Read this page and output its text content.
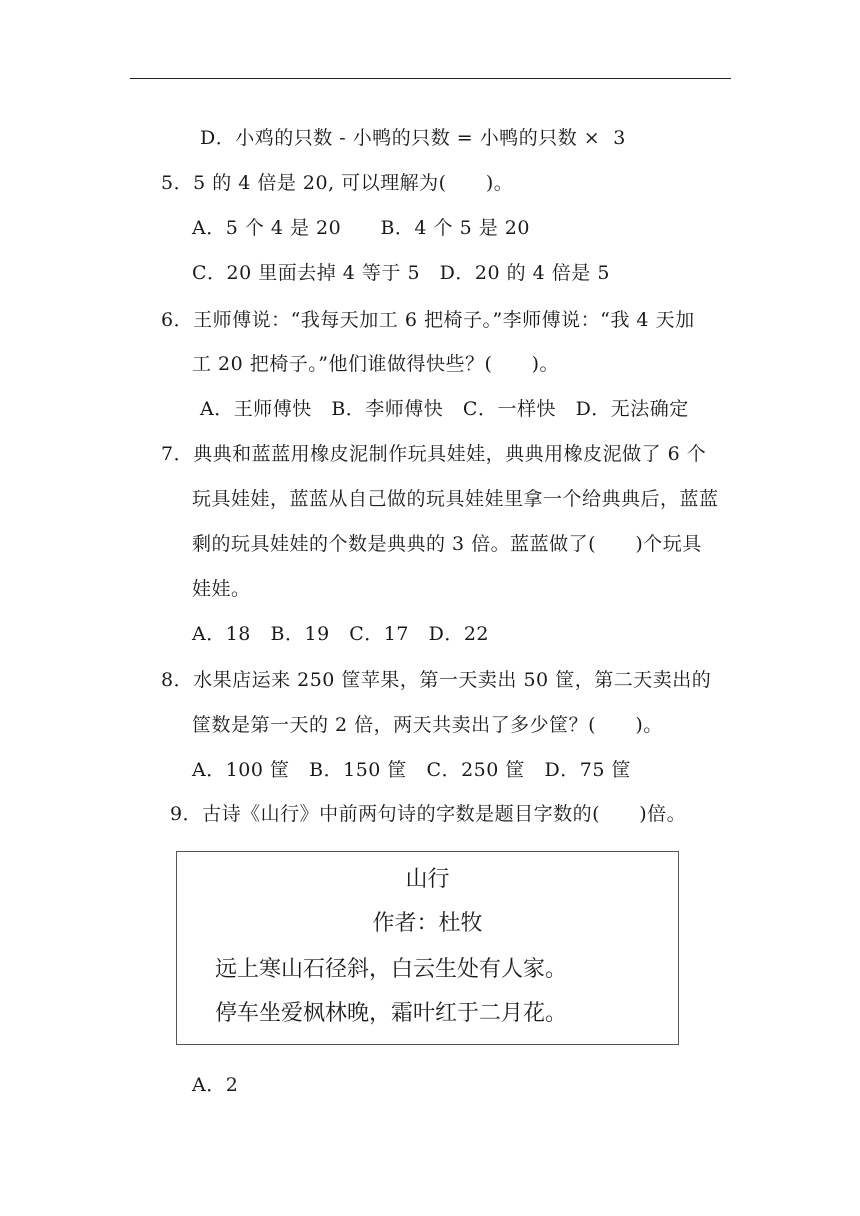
D．小鸡的只数 - 小鸭的只数 = 小鸭的只数 ×  3
5．5 的 4 倍是 20, 可以理解为(      )。
A．5 个 4 是 20      B．4 个 5 是 20
C．20 里面去掉 4 等于 5   D．20 的 4 倍是 5
6．王师傅说：“我每天加工 6 把椅子。”李师傅说：“我 4 天加
工 20 把椅子。”他们谁做得快些？(      )。
A．王师傅快   B．李师傅快   C．一样快   D．无法确定
7．典典和蓝蓝用橡皮泥制作玩具娃娃，典典用橡皮泥做了 6 个
玩具娃娃，蓝蓝从自己做的玩具娃娃里拿一个给典典后，蓝蓝
剩的玩具娃娃的个数是典典的 3 倍。蓝蓝做了(      )个玩具
娃娃。
A．18   B．19   C．17   D．22
8．水果店运来 250 筐苹果，第一天卖出 50 筐，第二天卖出的
筐数是第一天的 2 倍，两天共卖出了多少筐？(      )。
A．100 筐   B．150 筐   C．250 筐   D．75 筐
9．古诗《山行》中前两句诗的字数是题目字数的(      )倍。
山行
作者：杜牧
远上寒山石径斜，白云生处有人家。
停车坐爱枫林晚，霜叶红于二月花。
A．2
